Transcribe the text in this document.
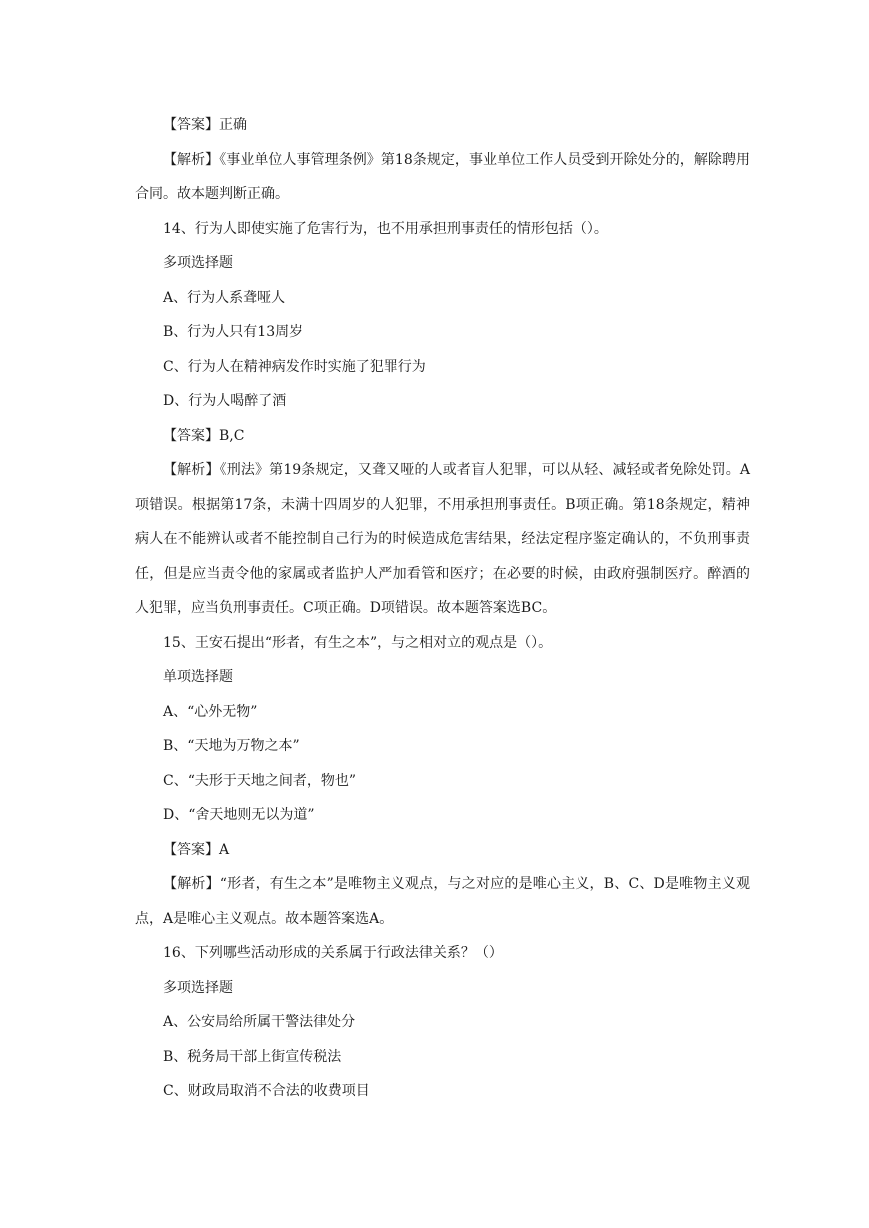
【答案】正确

【解析】《事业单位人事管理条例》第18条规定，事业单位工作人员受到开除处分的，解除聘用合同。故本题判断正确。

14、行为人即使实施了危害行为，也不用承担刑事责任的情形包括（）。

多项选择题

A、行为人系聋哑人

B、行为人只有13周岁

C、行为人在精神病发作时实施了犯罪行为

D、行为人喝醉了酒

【答案】B,C

【解析】《刑法》第19条规定，又聋又哑的人或者盲人犯罪，可以从轻、减轻或者免除处罚。A项错误。根据第17条，未满十四周岁的人犯罪，不用承担刑事责任。B项正确。第18条规定，精神病人在不能辨认或者不能控制自己行为的时候造成危害结果，经法定程序鉴定确认的，不负刑事责任，但是应当责令他的家属或者监护人严加看管和医疗；在必要的时候，由政府强制医疗。醉酒的人犯罪，应当负刑事责任。C项正确。D项错误。故本题答案选BC。

15、王安石提出“形者，有生之本”，与之相对立的观点是（）。

单项选择题

A、“心外无物”

B、“天地为万物之本”

C、“夫形于天地之间者，物也”

D、“舍天地则无以为道”

【答案】A

【解析】“形者，有生之本”是唯物主义观点，与之对应的是唯心主义，B、C、D是唯物主义观点，A是唯心主义观点。故本题答案选A。

16、下列哪些活动形成的关系属于行政法律关系？（）

多项选择题

A、公安局给所属干警法律处分

B、税务局干部上街宣传税法

C、财政局取消不合法的收费项目
